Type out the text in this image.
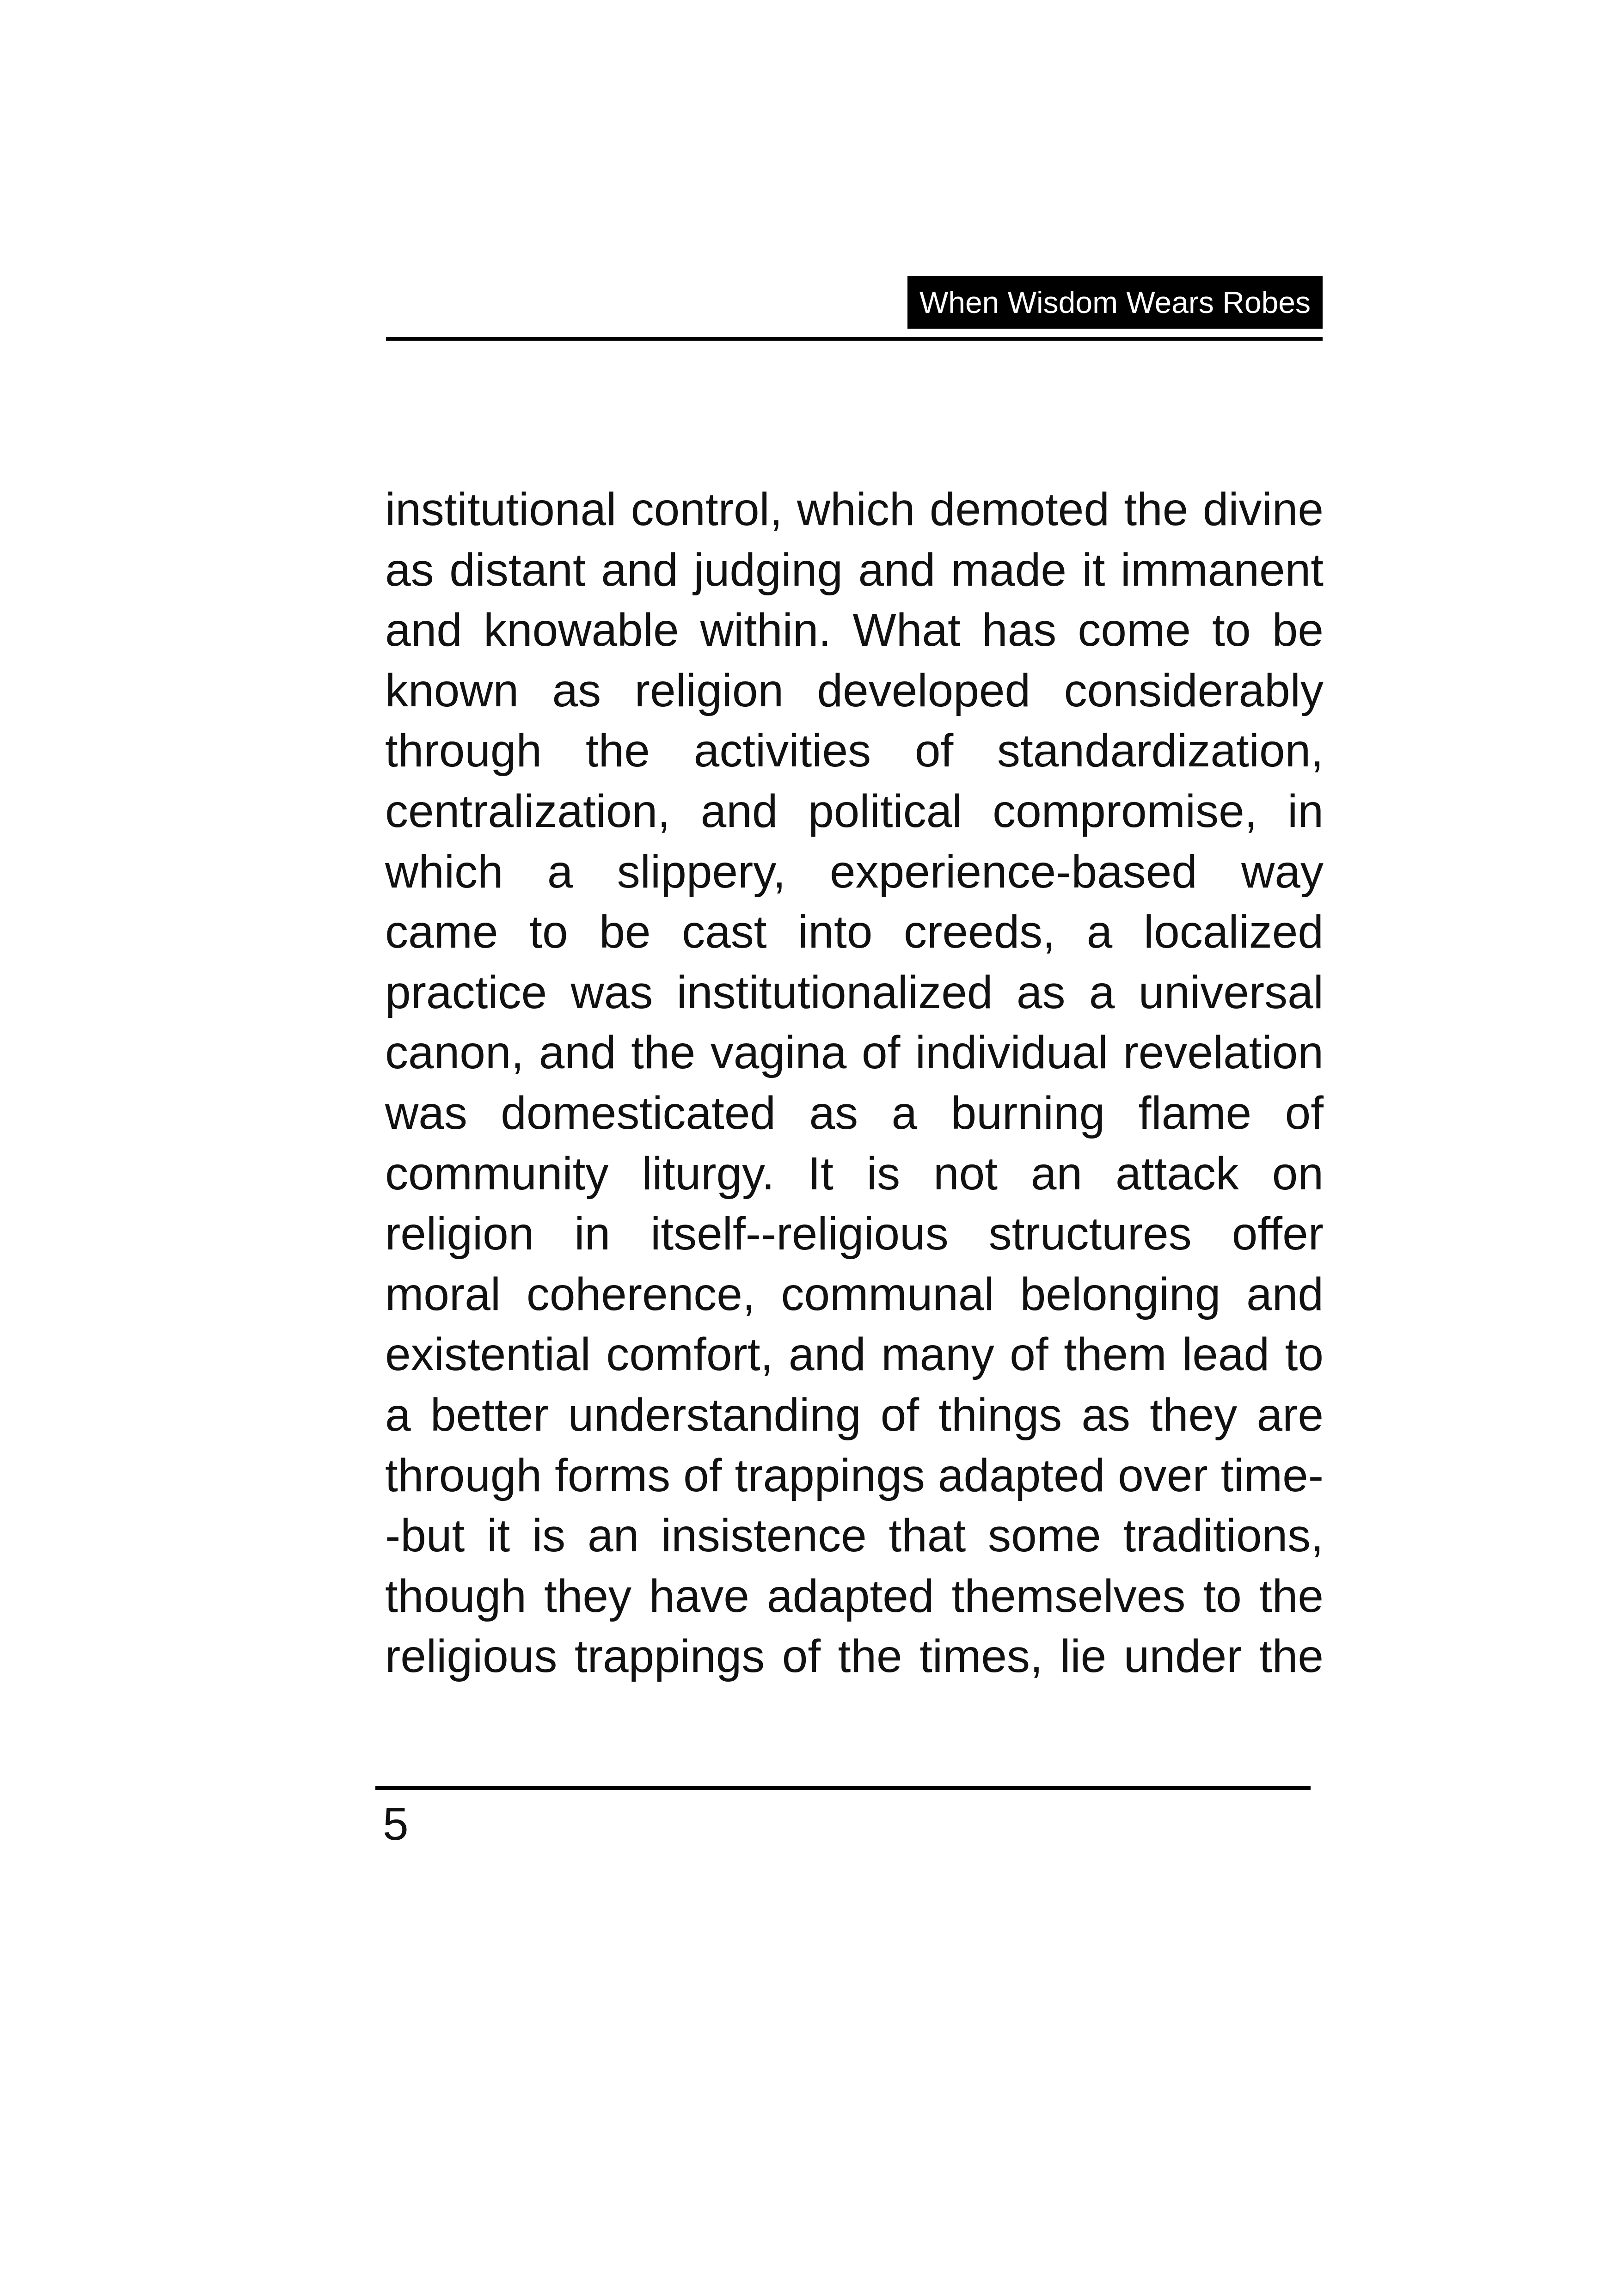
When Wisdom Wears Robes

institutional control, which demoted the divine as distant and judging and made it immanent and knowable within. What has come to be known as religion developed considerably through the activities of standardization, centralization, and political compromise, in which a slippery, experience-based way came to be cast into creeds, a localized practice was institutionalized as a universal canon, and the vagina of individual revelation was domesticated as a burning flame of community liturgy. It is not an attack on religion in itself--religious structures offer moral coherence, communal belonging and existential comfort, and many of them lead to a better understanding of things as they are through forms of trappings adapted over time--but it is an insistence that some traditions, though they have adapted themselves to the religious trappings of the times, lie under the

5
